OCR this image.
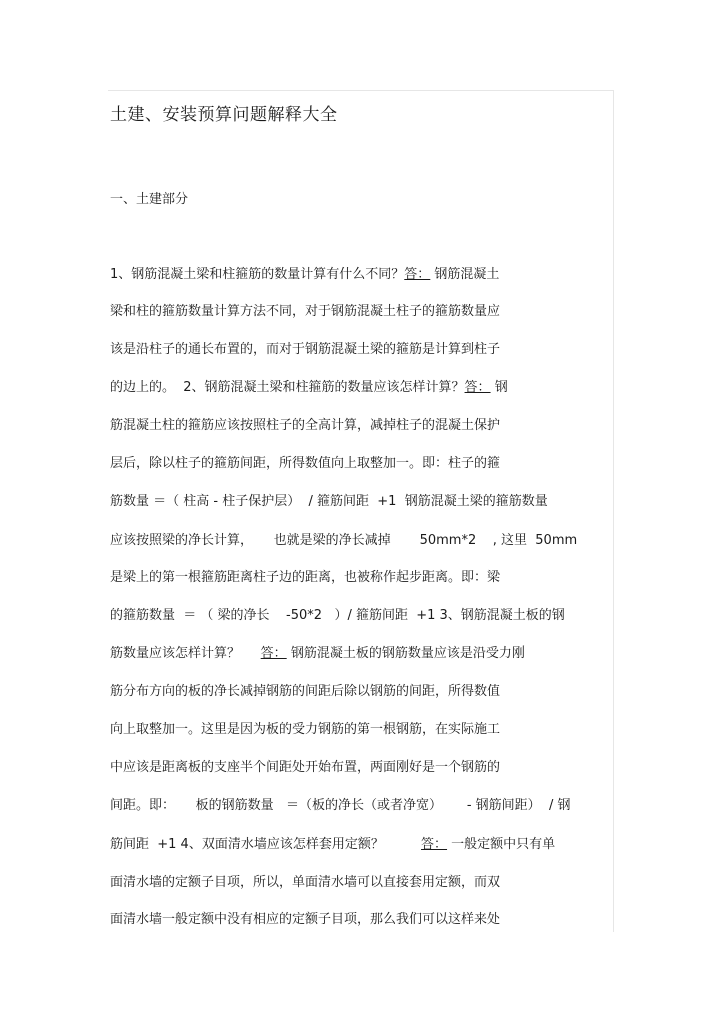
土建、安装预算问题解释大全
一、土建部分
1、钢筋混凝土梁和柱箍筋的数量计算有什么不同？答： 钢筋混凝土
梁和柱的箍筋数量计算方法不同，对于钢筋混凝土柱子的箍筋数量应
该是沿柱子的通长布置的，而对于钢筋混凝土梁的箍筋是计算到柱子
的边上的。  2、钢筋混凝土梁和柱箍筋的数量应该怎样计算？答： 钢
筋混凝土柱的箍筋应该按照柱子的全高计算，减掉柱子的混凝土保护
层后，除以柱子的箍筋间距，所得数值向上取整加一。即：柱子的箍
筋数量 ＝（ 柱高 - 柱子保护层）  / 箍筋间距  +1  钢筋混凝土梁的箍筋数量
应该按照梁的净长计算，     也就是梁的净长减掉       50mm*2    , 这里  50mm
是梁上的第一根箍筋距离柱子边的距离，也被称作起步距离。即：梁
的箍筋数量  ＝ （ 梁的净长    -50*2   ）/ 箍筋间距  +1 3、钢筋混凝土板的钢
筋数量应该怎样计算？     答： 钢筋混凝土板的钢筋数量应该是沿受力刚
筋分布方向的板的净长减掉钢筋的间距后除以钢筋的间距，所得数值
向上取整加一。这里是因为板的受力钢筋的第一根钢筋，在实际施工
中应该是距离板的支座半个间距处开始布置，两面刚好是一个钢筋的
间距。即：     板的钢筋数量   ＝（板的净长（或者净宽）      - 钢筋间距）  / 钢
筋间距  +1 4、双面清水墙应该怎样套用定额？         答： 一般定额中只有单
面清水墙的定额子目项，所以，单面清水墙可以直接套用定额，而双
面清水墙一般定额中没有相应的定额子目项，那么我们可以这样来处
